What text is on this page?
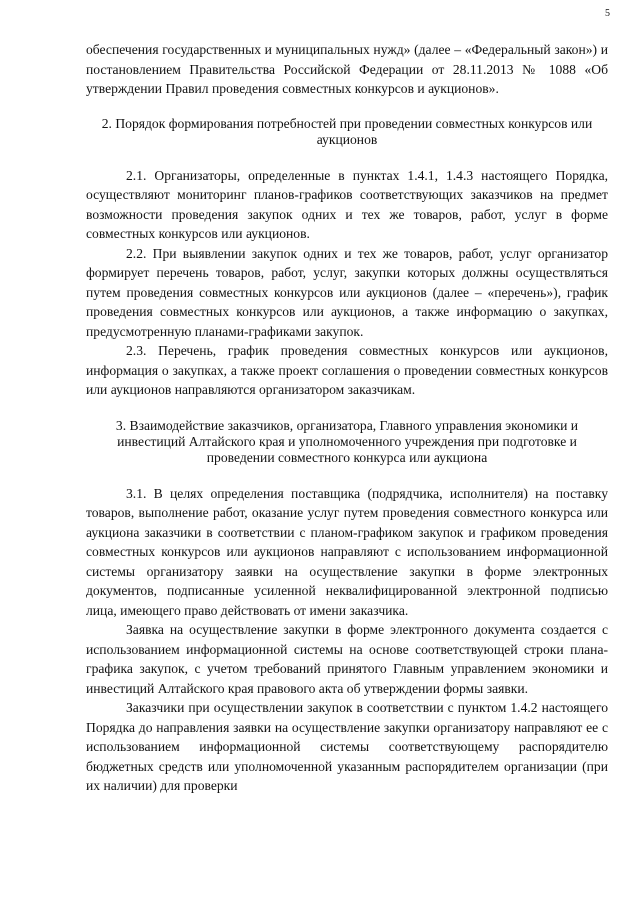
5

обеспечения государственных и муниципальных нужд» (далее – «Федеральный закон») и постановлением Правительства Российской Федерации от 28.11.2013 № 1088 «Об утверждении Правил проведения совместных конкурсов и аукционов».

2. Порядок формирования потребностей при проведении совместных конкурсов или аукционов

2.1. Организаторы, определенные в пунктах 1.4.1, 1.4.3 настоящего Порядка, осуществляют мониторинг планов-графиков соответствующих заказчиков на предмет возможности проведения закупок одних и тех же товаров, работ, услуг в форме совместных конкурсов или аукционов.

2.2. При выявлении закупок одних и тех же товаров, работ, услуг организатор формирует перечень товаров, работ, услуг, закупки которых должны осуществляться путем проведения совместных конкурсов или аукционов (далее – «перечень»), график проведения совместных конкурсов или аукционов, а также информацию о закупках, предусмотренную планами-графиками закупок.

2.3. Перечень, график проведения совместных конкурсов или аукционов, информация о закупках, а также проект соглашения о проведении совместных конкурсов или аукционов направляются организатором заказчикам.

3. Взаимодействие заказчиков, организатора, Главного управления экономики и инвестиций Алтайского края и уполномоченного учреждения при подготовке и проведении совместного конкурса или аукциона

3.1. В целях определения поставщика (подрядчика, исполнителя) на поставку товаров, выполнение работ, оказание услуг путем проведения совместного конкурса или аукциона заказчики в соответствии с планом-графиком закупок и графиком проведения совместных конкурсов или аукционов направляют с использованием информационной системы организатору заявки на осуществление закупки в форме электронных документов, подписанные усиленной неквалифицированной электронной подписью лица, имеющего право действовать от имени заказчика.

Заявка на осуществление закупки в форме электронного документа создается с использованием информационной системы на основе соответствующей строки плана-графика закупок, с учетом требований принятого Главным управлением экономики и инвестиций Алтайского края правового акта об утверждении формы заявки.

Заказчики при осуществлении закупок в соответствии с пунктом 1.4.2 настоящего Порядка до направления заявки на осуществление закупки организатору направляют ее с использованием информационной системы соответствующему распорядителю бюджетных средств или уполномоченной указанным распорядителем организации (при их наличии) для проверки
